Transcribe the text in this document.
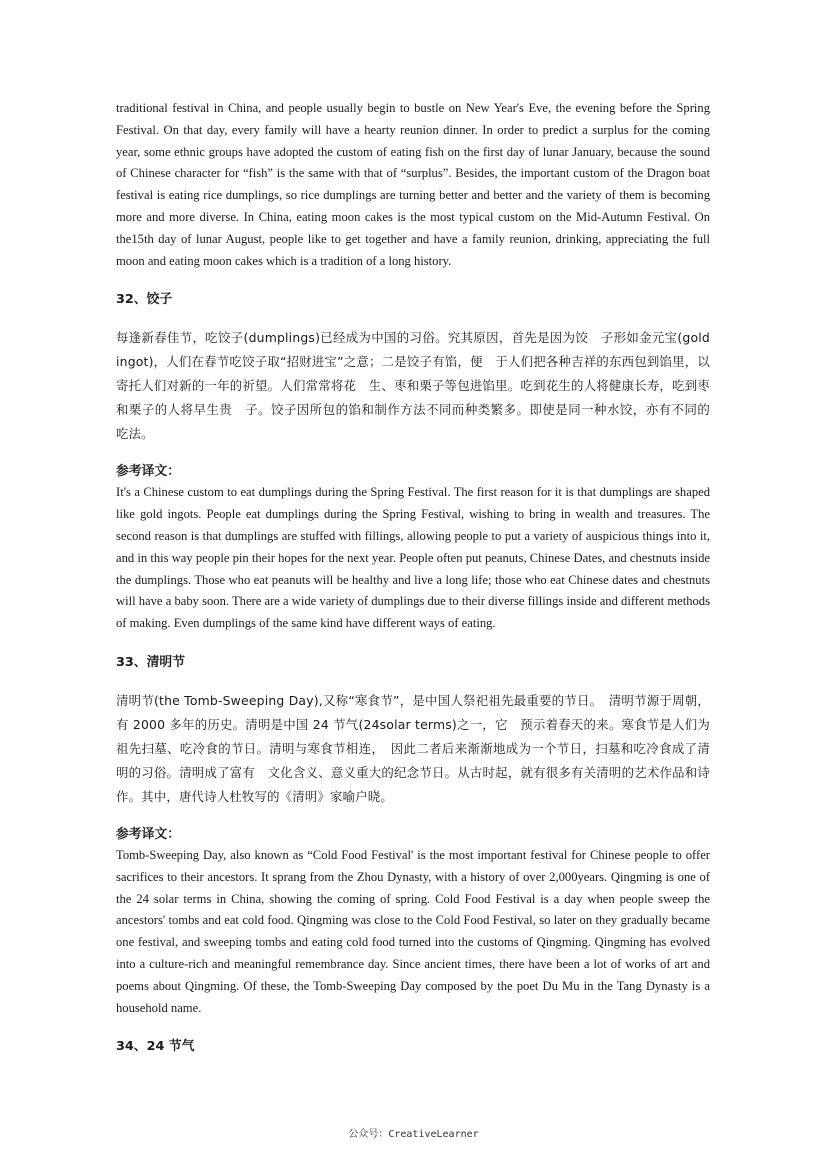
traditional festival in China, and people usually begin to bustle on New Year's Eve, the evening before the Spring Festival. On that day, every family will have a hearty reunion dinner. In order to predict a surplus for the coming year, some ethnic groups have adopted the custom of eating fish on the first day of lunar January, because the sound of Chinese character for “fish” is the same with that of “surplus”. Besides, the important custom of the Dragon boat festival is eating rice dumplings, so rice dumplings are turning better and better and the variety of them is becoming more and more diverse. In China, eating moon cakes is the most typical custom on the Mid-Autumn Festival. On the15th day of lunar August, people like to get together and have a family reunion, drinking, appreciating the full moon and eating moon cakes which is a tradition of a long history.

32、饺子

每逢新春佳节，吃饺子(dumplings)已经成为中国的习俗。究其原因，首先是因为饺　子形如金元宝(gold ingot)，人们在春节吃饺子取“招财进宝”之意；二是饺子有馅，便　于人们把各种吉祥的东西包到馅里，以寄托人们对新的一年的祈望。人们常常将花　生、枣和栗子等包进馅里。吃到花生的人将健康长寿，吃到枣和栗子的人将早生贵　子。饺子因所包的馅和制作方法不同而种类繁多。即使是同一种水饺，亦有不同的　吃法。

参考译文：

It's a Chinese custom to eat dumplings during the Spring Festival. The first reason for it is that dumplings are shaped like gold ingots. People eat dumplings during the Spring Festival, wishing to bring in wealth and treasures. The second reason is that dumplings are stuffed with fillings, allowing people to put a variety of auspicious things into it, and in this way people pin their hopes for the next year. People often put peanuts, Chinese Dates, and chestnuts inside the dumplings. Those who eat peanuts will be healthy and live a long life; those who eat Chinese dates and chestnuts will have a baby soon. There are a wide variety of dumplings due to their diverse fillings inside and different methods of making. Even dumplings of the same kind have different ways of eating.

33、清明节

清明节(the Tomb-Sweeping Day),又称“寒食节”，是中国人祭祀祖先最重要的节日。　清明节源于周朝，有 2000 多年的历史。清明是中国 24 节气(24solar terms)之一，它　预示着春天的来。寒食节是人们为祖先扫墓、吃冷食的节日。清明与寒食节相连，　因此二者后来渐渐地成为一个节日，扫墓和吃冷食成了清明的习俗。清明成了富有　文化含义、意义重大的纪念节日。从古时起，就有很多有关清明的艺术作品和诗　作。其中，唐代诗人杜牧写的《清明》家喻户晓。

参考译文：

Tomb-Sweeping Day, also known as “Cold Food Festival' is the most important festival for Chinese people to offer sacrifices to their ancestors. It sprang from the Zhou Dynasty, with a history of over 2,000years. Qingming is one of the 24 solar terms in China, showing the coming of spring. Cold Food Festival is a day when people sweep the ancestors' tombs and eat cold food. Qingming was close to the Cold Food Festival, so later on they gradually became one festival, and sweeping tombs and eating cold food turned into the customs of Qingming. Qingming has evolved into a culture-rich and meaningful remembrance day. Since ancient times, there have been a lot of works of art and poems about Qingming. Of these, the Tomb-Sweeping Day composed by the poet Du Mu in the Tang Dynasty is a household name.

34、24 节气
公众号：CreativeLearner
